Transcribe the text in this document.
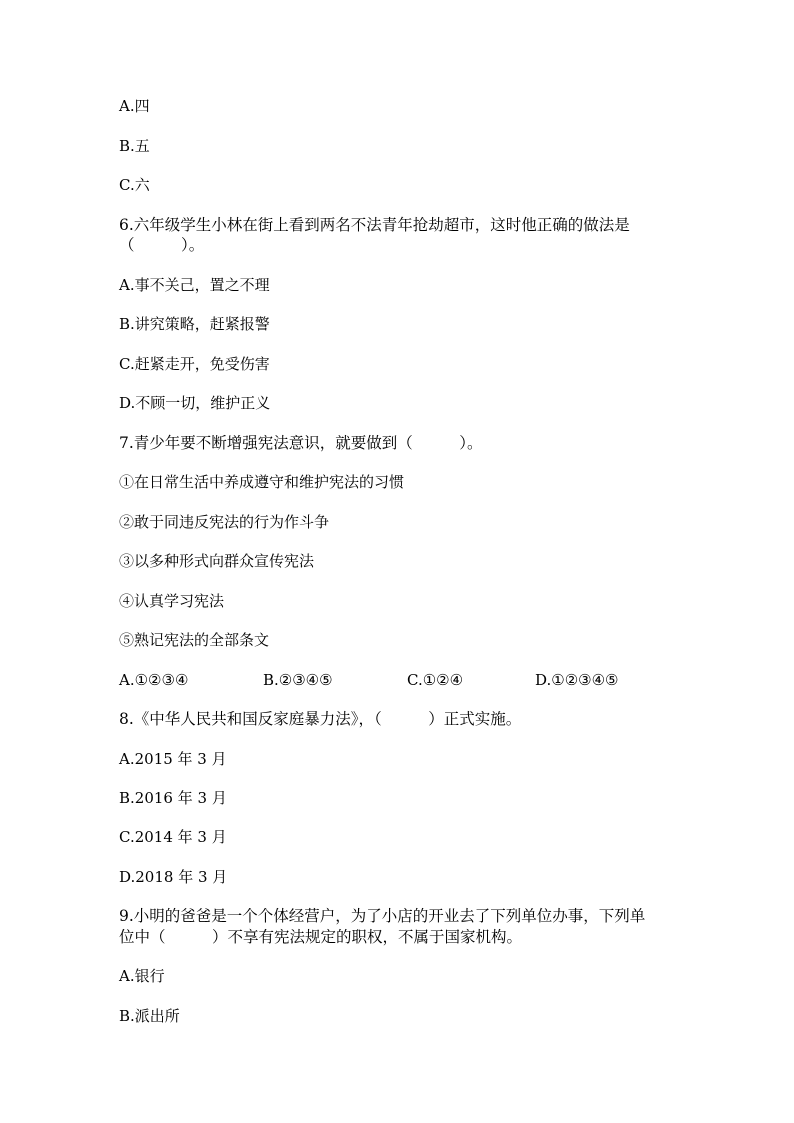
A.四
B.五
C.六
6.六年级学生小林在街上看到两名不法青年抢劫超市，这时他正确的做法是
（　　　）。
A.事不关己，置之不理
B.讲究策略，赶紧报警
C.赶紧走开，免受伤害
D.不顾一切，维护正义
7.青少年要不断增强宪法意识，就要做到（　　　）。
①在日常生活中养成遵守和维护宪法的习惯
②敢于同违反宪法的行为作斗争
③以多种形式向群众宣传宪法
④认真学习宪法
⑤熟记宪法的全部条文
A.①②③④	B.②③④⑤	C.①②④	D.①②③④⑤
8.《中华人民共和国反家庭暴力法》，（　　　）正式实施。
A.2015 年 3 月
B.2016 年 3 月
C.2014 年 3 月
D.2018 年 3 月
9.小明的爸爸是一个个体经营户，为了小店的开业去了下列单位办事，下列单
位中（　　　）不享有宪法规定的职权，不属于国家机构。
A.银行
B.派出所
